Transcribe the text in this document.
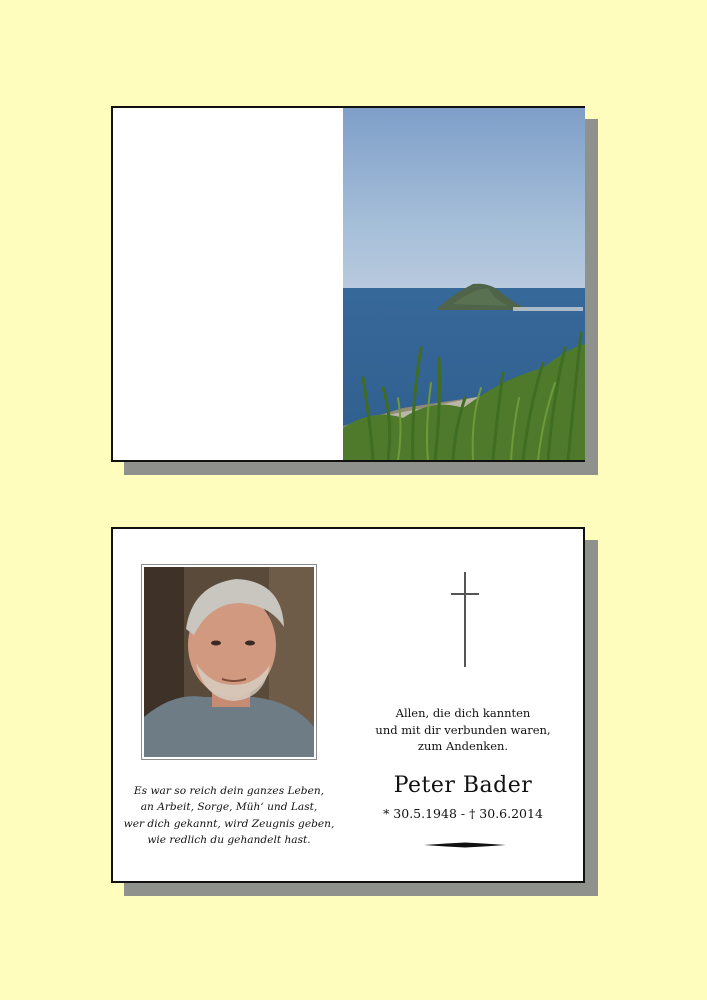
Es war so reich dein ganzes Leben,
an Arbeit, Sorge, Müh‘ und Last,
wer dich gekannt, wird Zeugnis geben,
wie redlich du gehandelt hast.
Allen, die dich kannten
und mit dir verbunden waren,
zum Andenken.
Peter Bader
* 30.5.1948 - † 30.6.2014
